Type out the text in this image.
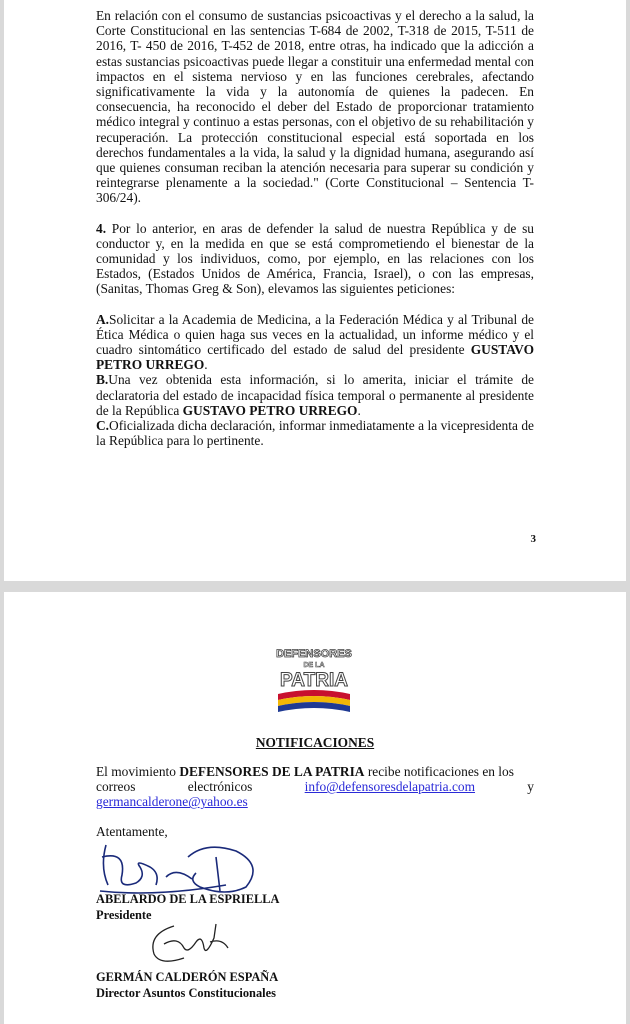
En relación con el consumo de sustancias psicoactivas y el derecho a la salud, la Corte Constitucional en las sentencias T-684 de 2002, T-318 de 2015, T-511 de 2016, T- 450 de 2016, T-452 de 2018, entre otras, ha indicado que la adicción a estas sustancias psicoactivas puede llegar a constituir una enfermedad mental con impactos en el sistema nervioso y en las funciones cerebrales, afectando significativamente la vida y la autonomía de quienes la padecen. En consecuencia, ha reconocido el deber del Estado de proporcionar tratamiento médico integral y continuo a estas personas, con el objetivo de su rehabilitación y recuperación. La protección constitucional especial está soportada en los derechos fundamentales a la vida, la salud y la dignidad humana, asegurando así que quienes consuman reciban la atención necesaria para superar su condición y reintegrarse plenamente a la sociedad." (Corte Constitucional – Sentencia T-306/24).

4. Por lo anterior, en aras de defender la salud de nuestra República y de su conductor y, en la medida en que se está comprometiendo el bienestar de la comunidad y los individuos, como, por ejemplo, en las relaciones con los Estados, (Estados Unidos de América, Francia, Israel), o con las empresas, (Sanitas, Thomas Greg & Son), elevamos las siguientes peticiones:

A.Solicitar a la Academia de Medicina, a la Federación Médica y al Tribunal de Ética Médica o quien haga sus veces en la actualidad, un informe médico y el cuadro sintomático certificado del estado de salud del presidente GUSTAVO PETRO URREGO.

B.Una vez obtenida esta información, si lo amerita, iniciar el trámite de declaratoria del estado de incapacidad física temporal o permanente al presidente de la República GUSTAVO PETRO URREGO.

C.Oficializada dicha declaración, informar inmediatamente a la vicepresidenta de la República para lo pertinente.

3
DEFENSORES
DE LA
PATRIA
NOTIFICACIONES

El movimiento DEFENSORES DE LA PATRIA recibe notificaciones en los

correos	electrónicos	info@defensoresdelapatria.com	y
germancalderone@yahoo.es
Atentamente,
ABELARDO DE LA ESPRIELLA
Presidente
GERMÁN CALDERÓN ESPAÑA
Director Asuntos Constitucionales
